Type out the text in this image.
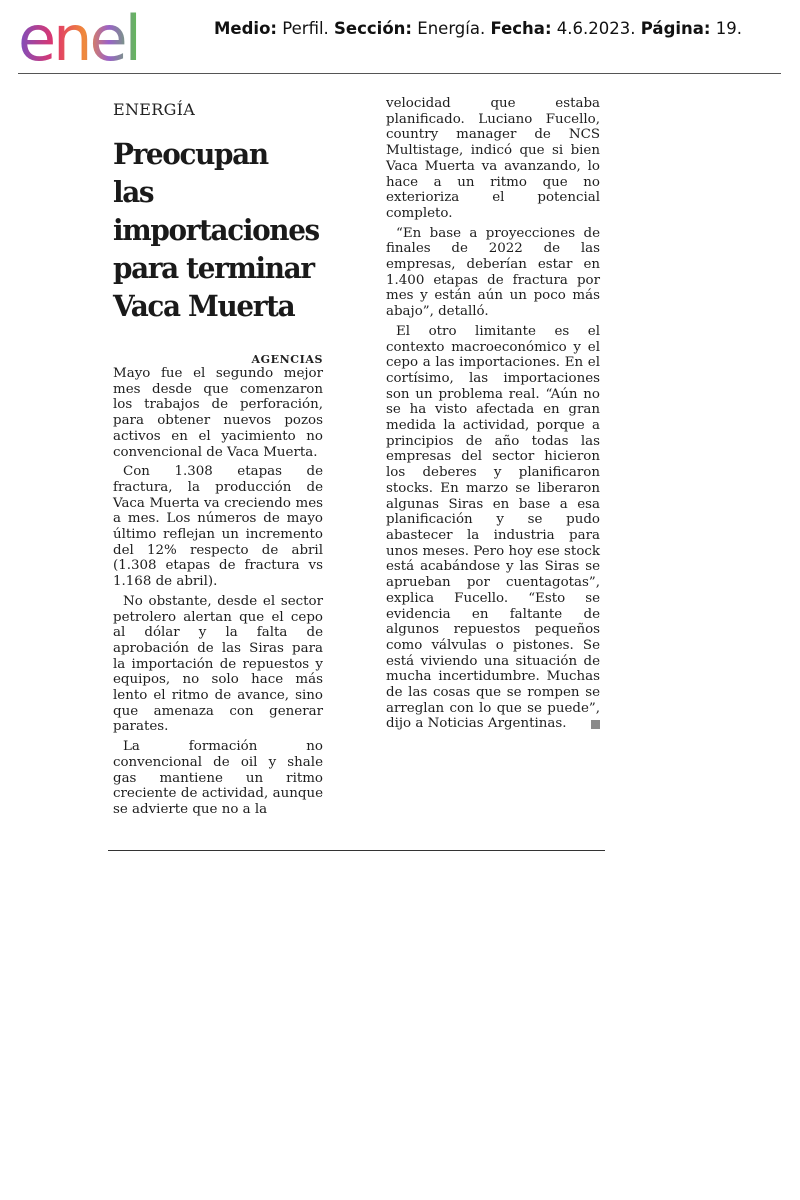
enel	Medio: Perfil. Sección: Energía. Fecha: 4.6.2023. Página: 19.
ENERGÍA
Preocupan las
importaciones
para terminar
Vaca Muerta
AGENCIAS

Mayo fue el segundo mejor mes desde que comenzaron los trabajos de perforación, para obtener nuevos pozos activos en el yacimiento no convencional de Vaca Muerta.

Con 1.308 etapas de fractura, la producción de Vaca Muerta va creciendo mes a mes. Los números de mayo último reflejan un incremento del 12% respecto de abril (1.308 etapas de fractura vs 1.168 de abril).

No obstante, desde el sector petrolero alertan que el cepo al dólar y la falta de aprobación de las Siras para la importación de repuestos y equipos, no solo hace más lento el ritmo de avance, sino que amenaza con generar parates.

La formación no convencional de oil y shale gas mantiene un ritmo creciente de actividad, aunque se advierte que no a la

velocidad que estaba planificado. Luciano Fucello, country manager de NCS Multistage, indicó que si bien Vaca Muerta va avanzando, lo hace a un ritmo que no exterioriza el potencial completo.

“En base a proyecciones de finales de 2022 de las empresas, deberían estar en 1.400 etapas de fractura por mes y están aún un poco más abajo”, detalló.

El otro limitante es el contexto macroeconómico y el cepo a las importaciones. En el cortísimo, las importaciones son un problema real. “Aún no se ha visto afectada en gran medida la actividad, porque a principios de año todas las empresas del sector hicieron los deberes y planificaron stocks. En marzo se liberaron algunas Siras en base a esa planificación y se pudo abastecer la industria para unos meses. Pero hoy ese stock está acabándose y las Siras se aprueban por cuentagotas”, explica Fucello. “Esto se evidencia en faltante de algunos repuestos pequeños como válvulas o pistones. Se está viviendo una situación de mucha incertidumbre. Muchas de las cosas que se rompen se arreglan con lo que se puede”, dijo a Noticias Argentinas.
